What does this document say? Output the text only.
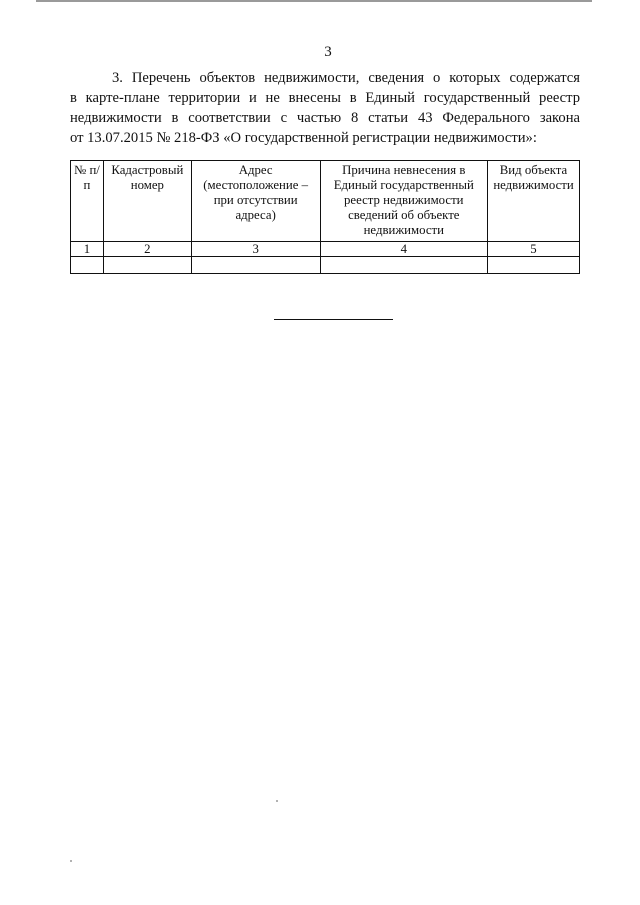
3
3. Перечень объектов недвижимости, сведения о которых содержатся
в карте-плане территории и не внесены в Единый государственный реестр
недвижимости в соответствии с частью 8 статьи 43 Федерального закона
от 13.07.2015 № 218-ФЗ «О государственной регистрации недвижимости»:
№ п/п	Кадастровый номер	Адрес (местоположение – при отсутствии адреса)	Причина невнесения в Единый государственный реестр недвижимости сведений об объекте недвижимости	Вид объекта недвижимости
1	2	3	4	5
